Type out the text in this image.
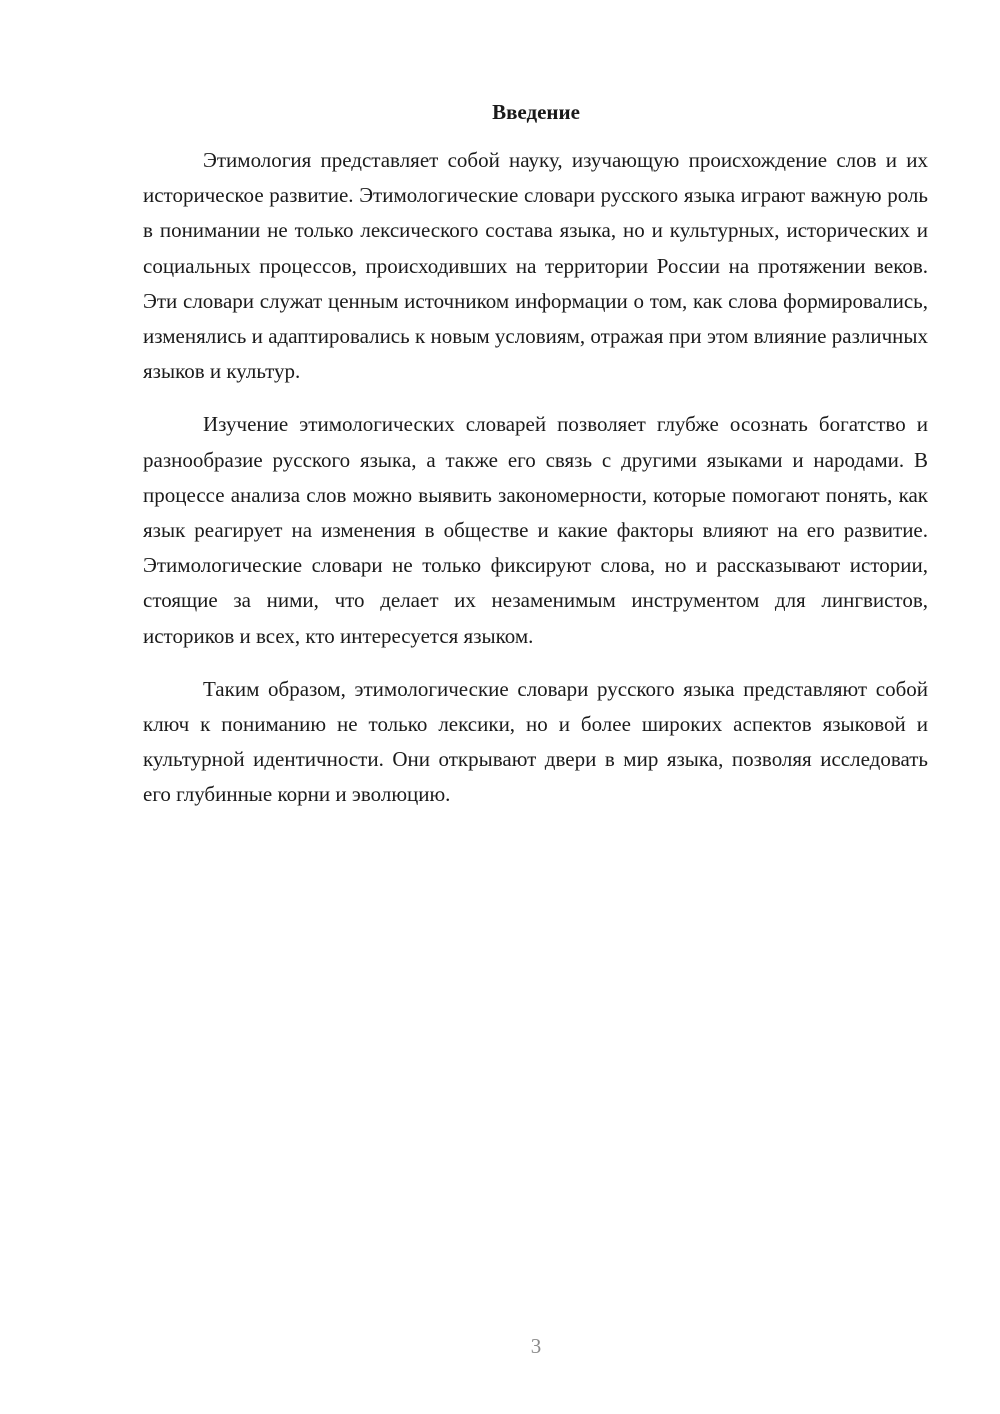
Введение

Этимология представляет собой науку, изучающую происхождение слов и их историческое развитие. Этимологические словари русского языка играют важную роль в понимании не только лексического состава языка, но и культурных, исторических и социальных процессов, происходивших на территории России на протяжении веков. Эти словари служат ценным источником информации о том, как слова формировались, изменялись и адаптировались к новым условиям, отражая при этом влияние различных языков и культур.

Изучение этимологических словарей позволяет глубже осознать богатство и разнообразие русского языка, а также его связь с другими языками и народами. В процессе анализа слов можно выявить закономерности, которые помогают понять, как язык реагирует на изменения в обществе и какие факторы влияют на его развитие. Этимологические словари не только фиксируют слова, но и рассказывают истории, стоящие за ними, что делает их незаменимым инструментом для лингвистов, историков и всех, кто интересуется языком.

Таким образом, этимологические словари русского языка представляют собой ключ к пониманию не только лексики, но и более широких аспектов языковой и культурной идентичности. Они открывают двери в мир языка, позволяя исследовать его глубинные корни и эволюцию.

3
